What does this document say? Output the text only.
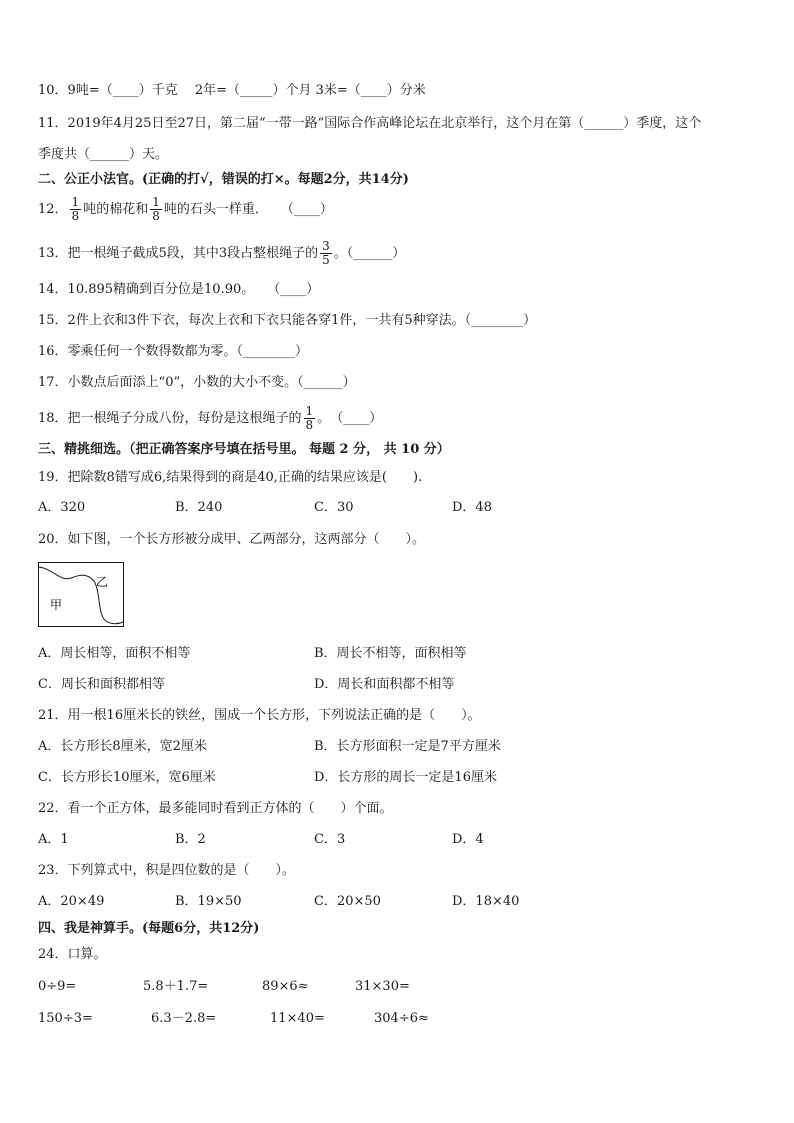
10．9吨=（____）千克　 2年=（_____）个月 3米=（____）分米
11．2019年4月25日至27日，第二届“一带一路”国际合作高峰论坛在北京举行，这个月在第（______）季度，这个
季度共（______）天。
二、公正小法官。(正确的打√，错误的打×。每题2分，共14分)
12． $\frac{1}{8}$ 吨的棉花和 $\frac{1}{8}$ 吨的石头一样重．　　（____）
13．把一根绳子截成5段，其中3段占整根绳子的 $\frac{3}{5}$ 。（______）
14．10.895精确到百分位是10.90。　　（____）
15．2件上衣和3件下衣，每次上衣和下衣只能各穿1件，一共有5种穿法。（________）
16．零乘任何一个数得数都为零。（________）
17．小数点后面添上“0”，小数的大小不变。（______）
18．把一根绳子分成八份，每份是这根绳子的 $\frac{1}{8}$ 。　（____）
三、精挑细选。（把正确答案序号填在括号里。 每题 2 分， 共 10 分）
19．把除数8错写成6,结果得到的商是40,正确的结果应该是(　　).
A．320	B．240	C．30	D．48
20．如下图，一个长方形被分成甲、乙两部分，这两部分（　　）。
甲
乙
A．周长相等，面积不相等	B．周长不相等，面积相等
C．周长和面积都相等	D．周长和面积都不相等
21．用一根16厘米长的铁丝，围成一个长方形，下列说法正确的是（　　）。
A．长方形长8厘米，宽2厘米	B．长方形面积一定是7平方厘米
C．长方形长10厘米，宽6厘米	D．长方形的周长一定是16厘米
22．看一个正方体，最多能同时看到正方体的（　　）个面。
A．1	B．2	C．3	D．4
23．下列算式中，积是四位数的是（　　）。
A．20×49	B．19×50	C．20×50	D．18×40
四、我是神算手。(每题6分，共12分)
24．口算。
0÷9=	5.8＋1.7=	89×6≈	31×30=
150÷3=	6.3－2.8=	11×40=	304÷6≈
